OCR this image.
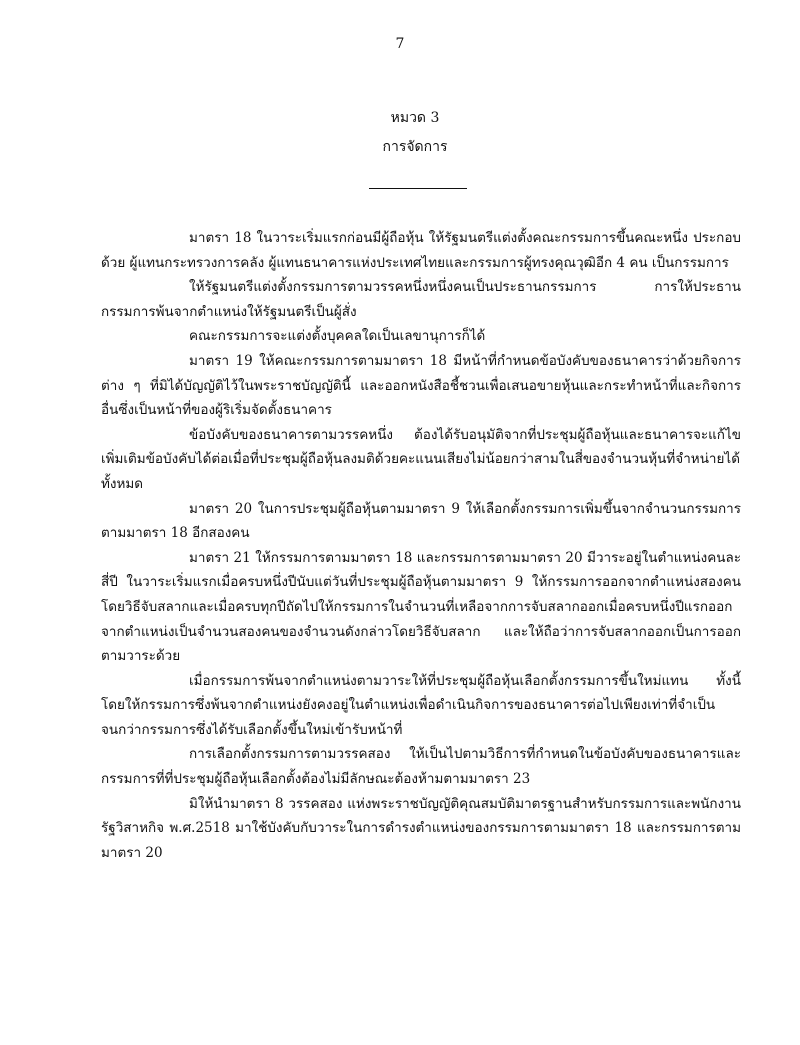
7
หมวด 3
การจัดการ

มาตรา 18 ในวาระเริ่มแรกก่อนมีผู้ถือหุ้น ให้รัฐมนตรีแต่งตั้งคณะกรรมการขึ้นคณะหนึ่ง ประกอบด้วย ผู้แทนกระทรวงการคลัง ผู้แทนธนาคารแห่งประเทศไทยและกรรมการผู้ทรงคุณวุฒิอีก 4 คน เป็นกรรมการ

ให้รัฐมนตรีแต่งตั้งกรรมการตามวรรคหนึ่งหนึ่งคนเป็นประธานกรรมการ การให้ประธานกรรมการพ้นจากตำแหน่งให้รัฐมนตรีเป็นผู้สั่ง

คณะกรรมการจะแต่งตั้งบุคคลใดเป็นเลขานุการก็ได้

มาตรา 19 ให้คณะกรรมการตามมาตรา 18 มีหน้าที่กำหนดข้อบังคับของธนาคารว่าด้วยกิจการต่าง ๆ ที่มิได้บัญญัติไว้ในพระราชบัญญัตินี้ และออกหนังสือชี้ชวนเพื่อเสนอขายหุ้นและกระทำหน้าที่และกิจการอื่นซึ่งเป็นหน้าที่ของผู้ริเริ่มจัดตั้งธนาคาร

ข้อบังคับของธนาคารตามวรรคหนึ่ง ต้องได้รับอนุมัติจากที่ประชุมผู้ถือหุ้นและธนาคารจะแก้ไขเพิ่มเติมข้อบังคับได้ต่อเมื่อที่ประชุมผู้ถือหุ้นลงมติด้วยคะแนนเสียงไม่น้อยกว่าสามในสี่ของจำนวนหุ้นที่จำหน่ายได้ทั้งหมด

มาตรา 20 ในการประชุมผู้ถือหุ้นตามมาตรา 9 ให้เลือกตั้งกรรมการเพิ่มขึ้นจากจำนวนกรรมการตามมาตรา 18 อีกสองคน

มาตรา 21 ให้กรรมการตามมาตรา 18 และกรรมการตามมาตรา 20 มีวาระอยู่ในตำแหน่งคนละสี่ปี ในวาระเริ่มแรกเมื่อครบหนึ่งปีนับแต่วันที่ประชุมผู้ถือหุ้นตามมาตรา 9 ให้กรรมการออกจากตำแหน่งสองคนโดยวิธีจับสลากและเมื่อครบทุกปีถัดไปให้กรรมการในจำนวนที่เหลือจากการจับสลากออกเมื่อครบหนึ่งปีแรกออกจากตำแหน่งเป็นจำนวนสองคนของจำนวนดังกล่าวโดยวิธีจับสลาก และให้ถือว่าการจับสลากออกเป็นการออกตามวาระด้วย

เมื่อกรรมการพ้นจากตำแหน่งตามวาระให้ที่ประชุมผู้ถือหุ้นเลือกตั้งกรรมการขึ้นใหม่แทน ทั้งนี้ โดยให้กรรมการซึ่งพ้นจากตำแหน่งยังคงอยู่ในตำแหน่งเพื่อดำเนินกิจการของธนาคารต่อไปเพียงเท่าที่จำเป็นจนกว่ากรรมการซึ่งได้รับเลือกตั้งขึ้นใหม่เข้ารับหน้าที่

การเลือกตั้งกรรมการตามวรรคสอง ให้เป็นไปตามวิธีการที่กำหนดในข้อบังคับของธนาคารและกรรมการที่ที่ประชุมผู้ถือหุ้นเลือกตั้งต้องไม่มีลักษณะต้องห้ามตามมาตรา 23

มิให้นำมาตรา 8 วรรคสอง แห่งพระราชบัญญัติคุณสมบัติมาตรฐานสำหรับกรรมการและพนักงานรัฐวิสาหกิจ พ.ศ.2518 มาใช้บังคับกับวาระในการดำรงตำแหน่งของกรรมการตามมาตรา 18 และกรรมการตามมาตรา 20
